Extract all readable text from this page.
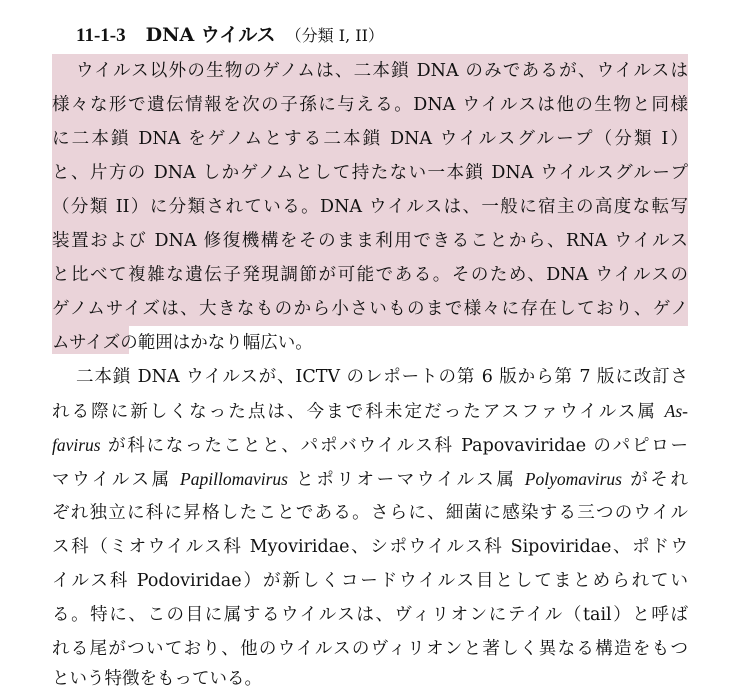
11-1-3 DNA ウイルス （分類 I, II）
ウイルス以外の生物のゲノムは、二本鎖 DNA のみであるが、ウイルスは
様々な形で遺伝情報を次の子孫に与える。DNA ウイルスは他の生物と同様
に二本鎖 DNA をゲノムとする二本鎖 DNA ウイルスグループ（分類 I）
と、片方の DNA しかゲノムとして持たない一本鎖 DNA ウイルスグループ
（分類 II）に分類されている。DNA ウイルスは、一般に宿主の高度な転写
装置および DNA 修復機構をそのまま利用できることから、RNA ウイルス
と比べて複雑な遺伝子発現調節が可能である。そのため、DNA ウイルスの
ゲノムサイズは、大きなものから小さいものまで様々に存在しており、ゲノ
ムサイズの範囲はかなり幅広い。
二本鎖 DNA ウイルスが、ICTV のレポートの第 6 版から第 7 版に改訂さ
れる際に新しくなった点は、今まで科未定だったアスファウイルス属 As-
favirus が科になったことと、パポバウイルス科 Papovaviridae のパピロー
マウイルス属 Papillomavirus とポリオーマウイルス属 Polyomavirus がそれ
ぞれ独立に科に昇格したことである。さらに、細菌に感染する三つのウイル
ス科（ミオウイルス科 Myoviridae、シポウイルス科 Sipoviridae、ポドウ
イルス科 Podoviridae）が新しくコードウイルス目としてまとめられてい
る。特に、この目に属するウイルスは、ヴィリオンにテイル（tail）と呼ば
れる尾がついており、他のウイルスのヴィリオンと著しく異なる構造をもつ
という特徴をもっている。
